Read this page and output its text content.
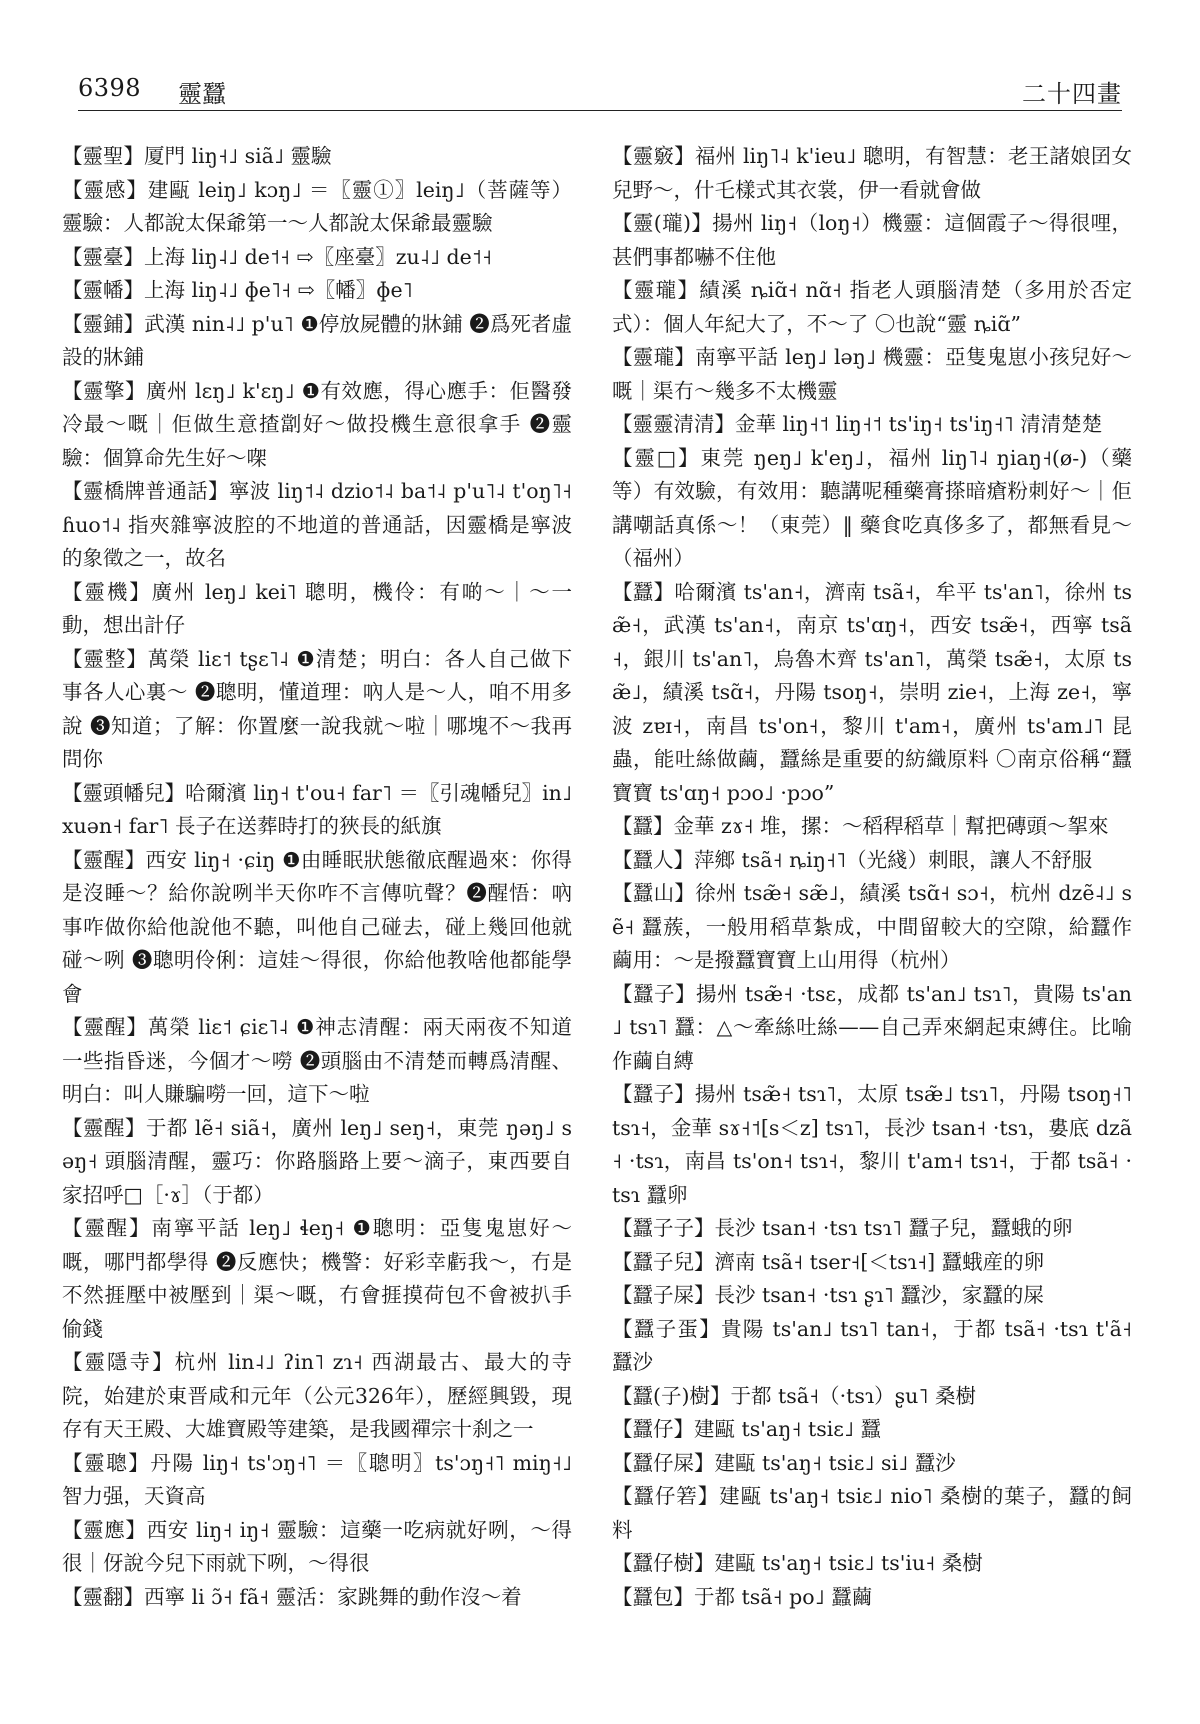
6398 靈蠶	二十四畫

【靈聖】厦門 liŋ˧˩ siã˩ 靈驗

【靈感】建甌 leiŋ˩ kɔŋ˩ ＝〖靈①〗leiŋ˩（菩薩等）靈驗：人都說太保爺第一～人都說太保爺最靈驗

【靈臺】上海 liŋ˨˩ de˦˧ ⇨〖座臺〗zu˨˩ de˦˧

【靈幡】上海 liŋ˨˩ ɸe˥˧ ⇨〖幡〗ɸe˥

【靈鋪】武漢 nin˨˩ p'u˥ ❶停放屍體的牀鋪 ❷爲死者虛設的牀鋪

【靈擎】廣州 lɛŋ˩ k'ɛŋ˩ ❶有效應，得心應手：佢醫發冷最～嘅｜佢做生意揸劏好～做投機生意很拿手 ❷靈驗：個算命先生好～㗎

【靈橋牌普通話】寧波 liŋ˦˨ dzio˦˨ ba˦˨ p'u˥˨ t'oŋ˥˧ ɦuo˦˨ 指夾雜寧波腔的不地道的普通話，因靈橋是寧波的象徵之一，故名

【靈機】廣州 leŋ˩ kei˥ 聰明，機伶：有啲～｜～一動，想出計仔

【靈整】萬榮 liɛ˦ tʂɛ˥˨ ❶清楚；明白：各人自己做下事各人心裏～ ❷聰明，懂道理：吶人是～人，咱不用多說 ❸知道；了解：你置麼一說我就～啦｜哪塊不～我再問你

【靈頭幡兒】哈爾濱 liŋ˧ t'ou˧ far˥ ＝〖引魂幡兒〗in˩ xuən˧ far˥ 長子在送葬時打的狹長的紙旗

【靈醒】西安 liŋ˧ ·ɕiŋ ❶由睡眠狀態徹底醒過來：你得是沒睡～？給你說咧半天你咋不言傳吭聲？❷醒悟：吶事咋做你給他說他不聽，叫他自己碰去，碰上幾回他就碰～咧 ❸聰明伶俐：這娃～得很，你給他教啥他都能學會

【靈醒】萬榮 liɛ˦ ɕiɛ˥˨ ❶神志清醒：兩天兩夜不知道一些指昏迷，今個才～嘮 ❷頭腦由不清楚而轉爲清醒、明白：叫人賺騙嘮一回，這下～啦

【靈醒】于都 lẽ˧ siã˧，廣州 leŋ˩ seŋ˧，東莞 ŋəŋ˩ səŋ˧ 頭腦清醒，靈巧：你路腦路上要～滴子，東西要自家招呼□［·ɤ］（于都）

【靈醒】南寧平話 leŋ˩ ɬeŋ˧ ❶聰明：亞隻鬼崽好～嘅，哪門都學得 ❷反應快；機警：好彩幸虧我～，冇是不然捱壓中被壓到｜渠～嘅，冇會捱摸荷包不會被扒手偷錢

【靈隱寺】杭州 lin˨˩ ʔin˥ zɿ˧ 西湖最古、最大的寺院，始建於東晋咸和元年（公元326年），歷經興毀，現存有天王殿、大雄寶殿等建築，是我國禪宗十刹之一

【靈聰】丹陽 liŋ˧ ts'ɔŋ˧˥ ＝〖聰明〗ts'ɔŋ˧˥ miŋ˧˩ 智力强，天資高

【靈應】西安 liŋ˧ iŋ˧ 靈驗：這藥一吃病就好咧，～得很｜伢說今兒下雨就下咧，～得很

【靈翻】西寧 li ɔ̃˧ fã˧ 靈活：家跳舞的動作沒～着

【靈竅】福州 liŋ˥˨ k'ieu˩ 聰明，有智慧：老王諸娘囝女兒野～，什乇樣式其衣裳，伊一看就會做

【靈(瓏)】揚州 liŋ˧（loŋ˧）機靈：這個霞子～得很哩，甚們事都嚇不住他

【靈瓏】績溪 ȵiɑ̃˧ nɑ̃˧ 指老人頭腦清楚（多用於否定式）：個人年紀大了，不～了 〇也說“靈 ȵiɑ̃”

【靈瓏】南寧平話 leŋ˩ ləŋ˩ 機靈：亞隻鬼崽小孩兒好～嘅｜渠冇～幾多不太機靈

【靈靈清清】金華 liŋ˧˦ liŋ˧˦ ts'iŋ˧ ts'iŋ˧˥ 清清楚楚

【靈□】東莞 ŋeŋ˩ k'eŋ˩，福州 liŋ˥˨ ŋiaŋ˧(ø-)（藥等）有效驗，有效用：聽講呢種藥膏搽暗瘡粉刺好～｜佢講嘲話真係～！（東莞）‖ 藥食吃真侈多了，都無看見～（福州）

【蠶】哈爾濱 ts'an˧，濟南 tsã˧，牟平 ts'an˥，徐州 tsæ̃˧，武漢 ts'an˧，南京 ts'ɑŋ˧，西安 tsæ̃˧，西寧 tsã˧，銀川 ts'an˥，烏魯木齊 ts'an˥，萬榮 tsæ̃˧，太原 tsæ̃˩，績溪 tsɑ̃˧，丹陽 tsoŋ˧，崇明 zie˧，上海 ze˧，寧波 zɐɪ˧，南昌 ts'on˧，黎川 t'am˧，廣州 ts'am˩˥ 昆蟲，能吐絲做繭，蠶絲是重要的紡織原料 〇南京俗稱“蠶寶寶 ts'ɑŋ˧ pɔo˩ ·pɔo”

【蠶】金華 zɤ˧ 堆，摞：～稻稈稻草｜幫把磚頭～挐來

【蠶人】萍鄉 tsã˧ ȵiŋ˧˥（光綫）刺眼，讓人不舒服

【蠶山】徐州 tsæ̃˧ sæ̃˩，績溪 tsɑ̃˧ sɔ˧，杭州 dzẽ˨˩ sẽ˧ 蠶蔟，一般用稻草紮成，中間留較大的空隙，給蠶作繭用：～是撥蠶寶寶上山用得（杭州）

【蠶子】揚州 tsæ̃˧ ·tsɛ，成都 ts'an˩ tsɿ˥，貴陽 ts'an˩ tsɿ˥ 蠶：△～牽絲吐絲——自己弄來網起束縛住。比喻作繭自縛

【蠶子】揚州 tsæ̃˧ tsɿ˥，太原 tsæ̃˩ tsɿ˥，丹陽 tsoŋ˧˥ tsɿ˧，金華 sɤ˧˦[s＜z] tsɿ˥，長沙 tsan˧ ·tsɿ，婁底 dzã˧ ·tsɿ，南昌 ts'on˧ tsɿ˧，黎川 t'am˧ tsɿ˧，于都 tsã˧ ·tsɿ 蠶卵

【蠶子子】長沙 tsan˧ ·tsɿ tsɿ˥ 蠶子兒，蠶蛾的卵

【蠶子兒】濟南 tsã˧ tser˧[＜tsɿ˧] 蠶蛾産的卵

【蠶子屎】長沙 tsan˧ ·tsɿ ʂɿ˥ 蠶沙，家蠶的屎

【蠶子蛋】貴陽 ts'an˩ tsɿ˥ tan˧，于都 tsã˧ ·tsɿ t'ã˧ 蠶沙

【蠶(子)樹】于都 tsã˧（·tsɿ）ʂu˥ 桑樹

【蠶仔】建甌 ts'aŋ˧ tsiɛ˩ 蠶

【蠶仔屎】建甌 ts'aŋ˧ tsiɛ˩ si˩ 蠶沙

【蠶仔箬】建甌 ts'aŋ˧ tsiɛ˩ nio˥ 桑樹的葉子，蠶的飼料

【蠶仔樹】建甌 ts'aŋ˧ tsiɛ˩ ts'iu˧ 桑樹

【蠶包】于都 tsã˧ po˩ 蠶繭
